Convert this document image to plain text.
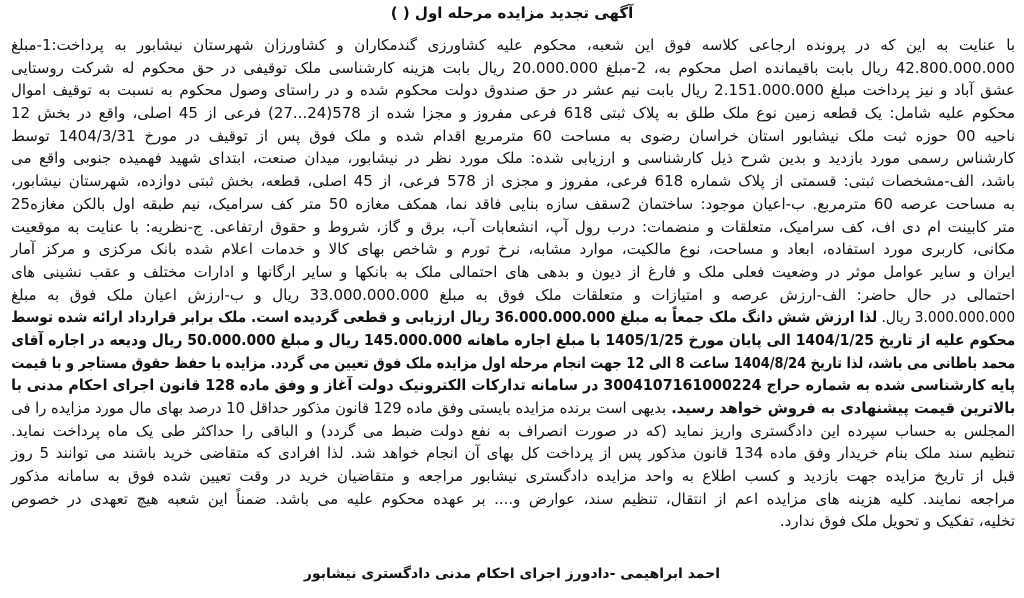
آگهی تجدید مزایده مرحله اول ( )
با عنایت به این که در پرونده ارجاعی کلاسه فوق این شعبه، محکوم علیه کشاورزی گندمکاران و کشاورزان شهرستان نیشابور به پرداخت:1-مبلغ
42.800.000.000 ریال بابت باقیمانده اصل محکوم به، 2-مبلغ 20.000.000 ریال بابت هزینه کارشناسی ملک توقیفی در حق محکوم له شرکت روستایی
عشق آباد و نیز پرداخت مبلغ 2.151.000.000 ریال بابت نیم عشر در حق صندوق دولت محکوم شده و در راستای وصول محکوم به نسبت به توقیف اموال
محکوم علیه شامل: یک قطعه زمین نوع ملک طلق به پلاک ثبتی 618 فرعی مفروز و مجزا شده از 578(24...27) فرعی از 45 اصلی، واقع در بخش 12
ناحیه 00 حوزه ثبت ملک نیشابور استان خراسان رضوی به مساحت 60 مترمربع اقدام شده و ملک فوق پس از توقیف در مورخ 1404/3/31 توسط
کارشناس رسمی مورد بازدید و بدین شرح ذیل کارشناسی و ارزیابی شده: ملک مورد نظر در نیشابور، میدان صنعت، ابتدای شهید فهمیده جنوبی واقع می
باشد، الف-مشخصات ثبتی: قسمتی از پلاک شماره 618 فرعی، مفروز و مجزی از 578 فرعی، از 45 اصلی، قطعه، بخش ثبتی دوازده، شهرستان نیشابور،
به مساحت عرصه 60 مترمربع. ب-اعیان موجود: ساختمان 2سقف سازه بنایی فاقد نما، همکف مغازه 50 متر کف سرامیک، نیم طبقه اول بالکن مغازه25
متر کابینت ام دی اف، کف سرامیک، متعلقات و منضمات: درب رول آپ، انشعابات آب، برق و گاز، شروط و حقوق ارتفاعی. ج-نظریه: با عنایت به موقعیت
مکانی، کاربری مورد استفاده، ابعاد و مساحت، نوع مالکیت، موارد مشابه، نرخ تورم و شاخص بهای کالا و خدمات اعلام شده بانک مرکزی و مرکز آمار
ایران و سایر عوامل موثر در وضعیت فعلی ملک و فارغ از دیون و بدهی های احتمالی ملک به بانکها و سایر ارگانها و ادارات مختلف و عقب نشینی های
احتمالی در حال حاضر: الف-ارزش عرصه و امتیازات و متعلقات ملک فوق به مبلغ 33.000.000.000 ریال و ب-ارزش اعیان ملک فوق به مبلغ
3.000.000.000 ریال. لذا ارزش شش دانگ ملک جمعاً به مبلغ 36.000.000.000 ریال ارزیابی و قطعی گردیده است. ملک برابر قرارداد ارائه شده توسط
محکوم علیه از تاریخ 1404/1/25 الی پایان مورخ 1405/1/25 با مبلغ اجاره ماهانه 145.000.000 ریال و مبلغ 50.000.000 ریال ودیعه در اجاره آقای
محمد باطانی می باشد، لذا تاریخ 1404/8/24 ساعت 8 الی 12 جهت انجام مرحله اول مزایده ملک فوق تعیین می گردد. مزایده با حفظ حقوق مستاجر و با قیمت
پایه کارشناسی شده به شماره حراج 3004107161000224 در سامانه تدارکات الکترونیک دولت آغاز و وفق ماده 128 قانون اجرای احکام مدنی با
بالاترین قیمت پیشنهادی به فروش خواهد رسید. بدیهی است برنده مزایده بایستی وفق ماده 129 قانون مذکور حداقل 10 درصد بهای مال مورد مزایده را فی
المجلس به حساب سپرده این دادگستری واریز نماید (که در صورت انصراف به نفع دولت ضبط می گردد) و الباقی را حداکثر طی یک ماه پرداخت نماید.
تنظیم سند ملک بنام خریدار وفق ماده 134 قانون مذکور پس از پرداخت کل بهای آن انجام خواهد شد. لذا افرادی که متقاضی خرید باشند می توانند 5 روز
قبل از تاریخ مزایده جهت بازدید و کسب اطلاع به واحد مزایده دادگستری نیشابور مراجعه و متقاضیان خرید در وقت تعیین شده فوق به سامانه مذکور
مراجعه نمایند. کلیه هزینه های مزایده اعم از انتقال، تنظیم سند، عوارض و.... بر عهده محکوم علیه می باشد. ضمناً این شعبه هیچ تعهدی در خصوص
تخلیه، تفکیک و تحویل ملک فوق ندارد.
احمد ابراهیمی -دادورز اجرای احکام مدنی دادگستری نیشابور
